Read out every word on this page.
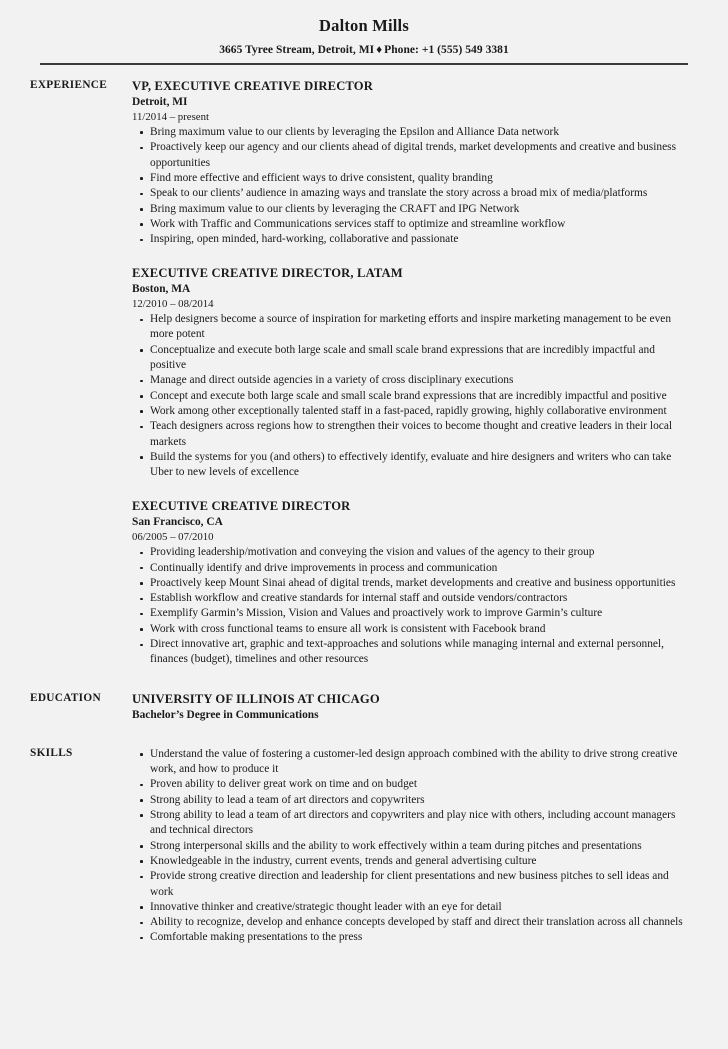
Dalton Mills
3665 Tyree Stream, Detroit, MI ♦ Phone: +1 (555) 549 3381
EXPERIENCE	VP, EXECUTIVE CREATIVE DIRECTOR
Detroit, MI
11/2014 – present
Bring maximum value to our clients by leveraging the Epsilon and Alliance Data network
Proactively keep our agency and our clients ahead of digital trends, market developments and creative and business opportunities
Find more effective and efficient ways to drive consistent, quality branding
Speak to our clients’ audience in amazing ways and translate the story across a broad mix of media/platforms
Bring maximum value to our clients by leveraging the CRAFT and IPG Network
Work with Traffic and Communications services staff to optimize and streamline workflow
Inspiring, open minded, hard-working, collaborative and passionate
EXECUTIVE CREATIVE DIRECTOR, LATAM
Boston, MA
12/2010 – 08/2014
Help designers become a source of inspiration for marketing efforts and inspire marketing management to be even more potent
Conceptualize and execute both large scale and small scale brand expressions that are incredibly impactful and positive
Manage and direct outside agencies in a variety of cross disciplinary executions
Concept and execute both large scale and small scale brand expressions that are incredibly impactful and positive
Work among other exceptionally talented staff in a fast-paced, rapidly growing, highly collaborative environment
Teach designers across regions how to strengthen their voices to become thought and creative leaders in their local markets
Build the systems for you (and others) to effectively identify, evaluate and hire designers and writers who can take Uber to new levels of excellence
EXECUTIVE CREATIVE DIRECTOR
San Francisco, CA
06/2005 – 07/2010
Providing leadership/motivation and conveying the vision and values of the agency to their group
Continually identify and drive improvements in process and communication
Proactively keep Mount Sinai ahead of digital trends, market developments and creative and business opportunities
Establish workflow and creative standards for internal staff and outside vendors/contractors
Exemplify Garmin’s Mission, Vision and Values and proactively work to improve Garmin’s culture
Work with cross functional teams to ensure all work is consistent with Facebook brand
Direct innovative art, graphic and text-approaches and solutions while managing internal and external personnel, finances (budget), timelines and other resources
EDUCATION	UNIVERSITY OF ILLINOIS AT CHICAGO
Bachelor’s Degree in Communications
SKILLS	Understand the value of fostering a customer-led design approach combined with the ability to drive strong creative work, and how to produce it
Proven ability to deliver great work on time and on budget
Strong ability to lead a team of art directors and copywriters
Strong ability to lead a team of art directors and copywriters and play nice with others, including account managers and technical directors
Strong interpersonal skills and the ability to work effectively within a team during pitches and presentations
Knowledgeable in the industry, current events, trends and general advertising culture
Provide strong creative direction and leadership for client presentations and new business pitches to sell ideas and work
Innovative thinker and creative/strategic thought leader with an eye for detail
Ability to recognize, develop and enhance concepts developed by staff and direct their translation across all channels
Comfortable making presentations to the press
